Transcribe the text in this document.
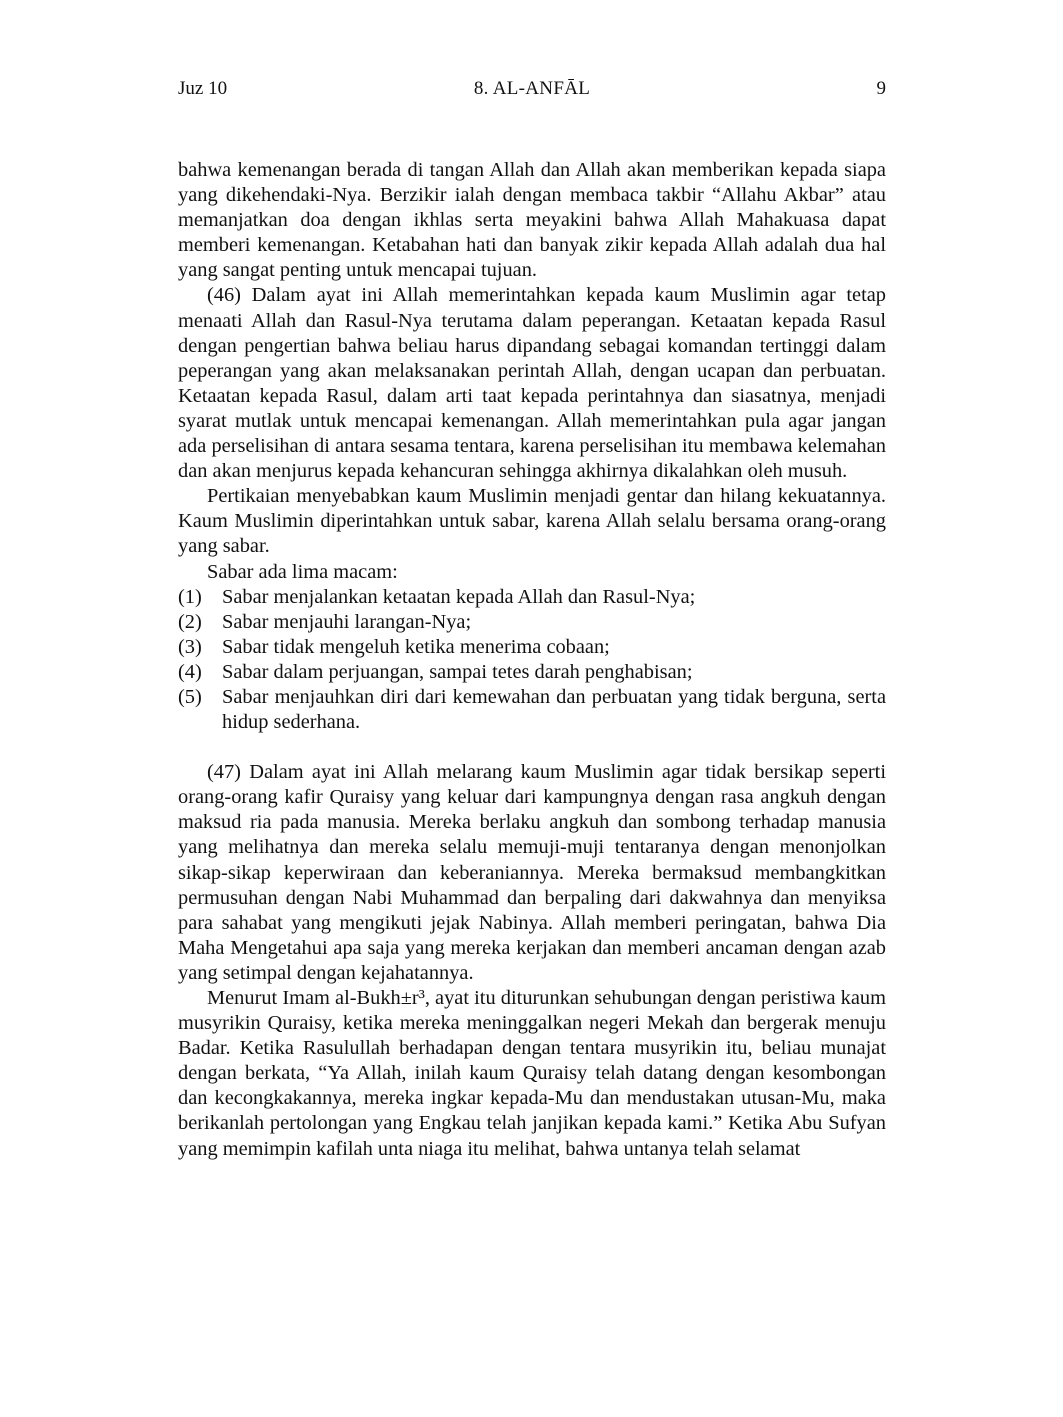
Juz 10	8. AL-ANFĀL	9

bahwa kemenangan berada di tangan Allah dan Allah akan memberikan kepada siapa yang dikehendaki-Nya. Berzikir ialah dengan membaca takbir “Allahu Akbar” atau memanjatkan doa dengan ikhlas serta meyakini bahwa Allah Mahakuasa dapat memberi kemenangan. Ketabahan hati dan banyak zikir kepada Allah adalah dua hal yang sangat penting untuk mencapai tujuan.

(46) Dalam ayat ini Allah memerintahkan kepada kaum Muslimin agar tetap menaati Allah dan Rasul-Nya terutama dalam peperangan. Ketaatan kepada Rasul dengan pengertian bahwa beliau harus dipandang sebagai komandan tertinggi dalam peperangan yang akan melaksanakan perintah Allah, dengan ucapan dan perbuatan. Ketaatan kepada Rasul, dalam arti taat kepada perintahnya dan siasatnya, menjadi syarat mutlak untuk mencapai kemenangan. Allah memerintahkan pula agar jangan ada perselisihan di antara sesama tentara, karena perselisihan itu membawa kelemahan dan akan menjurus kepada kehancuran sehingga akhirnya dikalahkan oleh musuh.

Pertikaian menyebabkan kaum Muslimin menjadi gentar dan hilang kekuatannya. Kaum Muslimin diperintahkan untuk sabar, karena Allah selalu bersama orang-orang yang sabar.

Sabar ada lima macam:

(1) Sabar menjalankan ketaatan kepada Allah dan Rasul-Nya;
(2) Sabar menjauhi larangan-Nya;
(3) Sabar tidak mengeluh ketika menerima cobaan;
(4) Sabar dalam perjuangan, sampai tetes darah penghabisan;
(5) Sabar menjauhkan diri dari kemewahan dan perbuatan yang tidak berguna, serta hidup sederhana.

(47) Dalam ayat ini Allah melarang kaum Muslimin agar tidak bersikap seperti orang-orang kafir Quraisy yang keluar dari kampungnya dengan rasa angkuh dengan maksud ria pada manusia. Mereka berlaku angkuh dan sombong terhadap manusia yang melihatnya dan mereka selalu memuji-muji tentaranya dengan menonjolkan sikap-sikap keperwiraan dan keberaniannya. Mereka bermaksud membangkitkan permusuhan dengan Nabi Muhammad dan berpaling dari dakwahnya dan menyiksa para sahabat yang mengikuti jejak Nabinya. Allah memberi peringatan, bahwa Dia Maha Mengetahui apa saja yang mereka kerjakan dan memberi ancaman dengan azab yang setimpal dengan kejahatannya.

Menurut Imam al-Bukh±r³, ayat itu diturunkan sehubungan dengan peristiwa kaum musyrikin Quraisy, ketika mereka meninggalkan negeri Mekah dan bergerak menuju Badar. Ketika Rasulullah berhadapan dengan tentara musyrikin itu, beliau munajat dengan berkata, “Ya Allah, inilah kaum Quraisy telah datang dengan kesombongan dan kecongkakannya, mereka ingkar kepada-Mu dan mendustakan utusan-Mu, maka berikanlah pertolongan yang Engkau telah janjikan kepada kami.” Ketika Abu Sufyan yang memimpin kafilah unta niaga itu melihat, bahwa untanya telah selamat
